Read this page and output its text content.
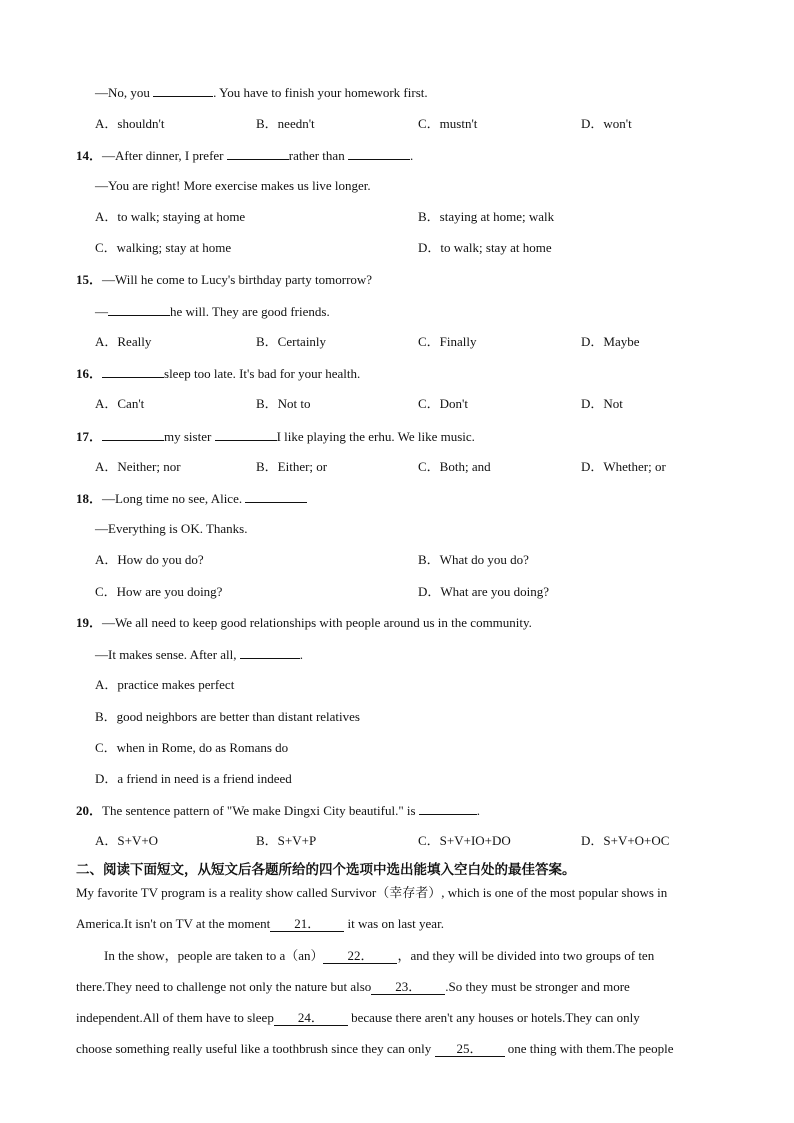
—No, you	. You have to finish your homework first.
A．shouldn't	B．needn't	C．mustn't	D．won't
14．—After dinner, I prefer	rather than	.
—You are right! More exercise makes us live longer.
A．to walk; staying at home	B．staying at home; walk
C．walking; stay at home	D．to walk; stay at home
15．—Will he come to Lucy's birthday party tomorrow?
—	he will. They are good friends.
A．Really	B．Certainly	C．Finally	D．Maybe
16．	sleep too late. It's bad for your health.
A．Can't	B．Not to	C．Don't	D．Not
17．	my sister	I like playing the erhu. We like music.
A．Neither; nor	B．Either; or	C．Both; and	D．Whether; or
18．—Long time no see, Alice.
—Everything is OK. Thanks.
A．How do you do?	B．What do you do?
C．How are you doing?	D．What are you doing?
19．—We all need to keep good relationships with people around us in the community.
—It makes sense. After all,	.
A．practice makes perfect
B．good neighbors are better than distant relatives
C．when in Rome, do as Romans do
D．a friend in need is a friend indeed
20．The sentence pattern of "We make Dingxi City beautiful." is	.
A．S+V+O	B．S+V+P	C．S+V+IO+DO	D．S+V+O+OC
二、阅读下面短文，从短文后各题所给的四个选项中选出能填入空白处的最佳答案。
My favorite TV program is a reality show called Survivor（幸存者）, which is one of the most popular shows in
America.It isn't on TV at the moment 21． it was on last year.
In the show，people are taken to a（an） 22． ，and they will be divided into two groups of ten
there.They need to challenge not only the nature but also 23． .So they must be stronger and more
independent.All of them have to sleep 24． because there aren't any houses or hotels.They can only
choose something really useful like a toothbrush since they can only 25． one thing with them.The people
